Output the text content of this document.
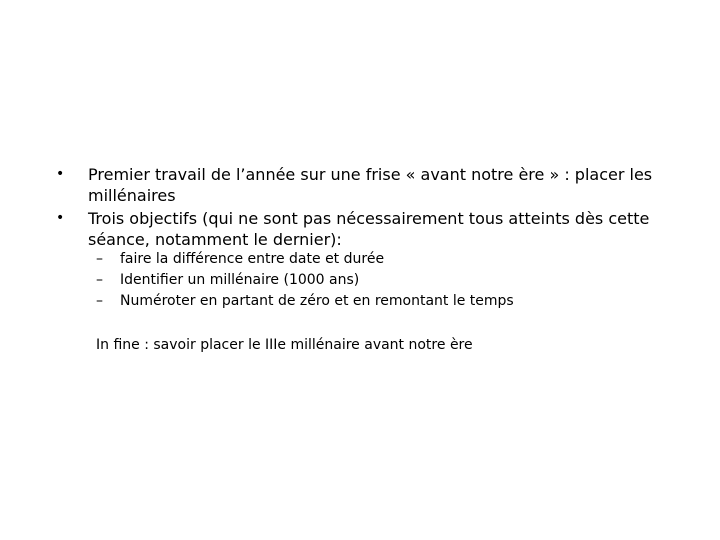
•	Premier travail de l’année sur une frise « avant notre ère » : placer les millénaires
•	Trois objectifs (qui ne sont pas nécessairement tous atteints dès cette séance, notamment le dernier):
–	faire la différence entre date et durée
–	Identifier un millénaire (1000 ans)
–	Numéroter en partant de zéro et en remontant le temps
In fine : savoir placer le IIIe millénaire avant notre ère
